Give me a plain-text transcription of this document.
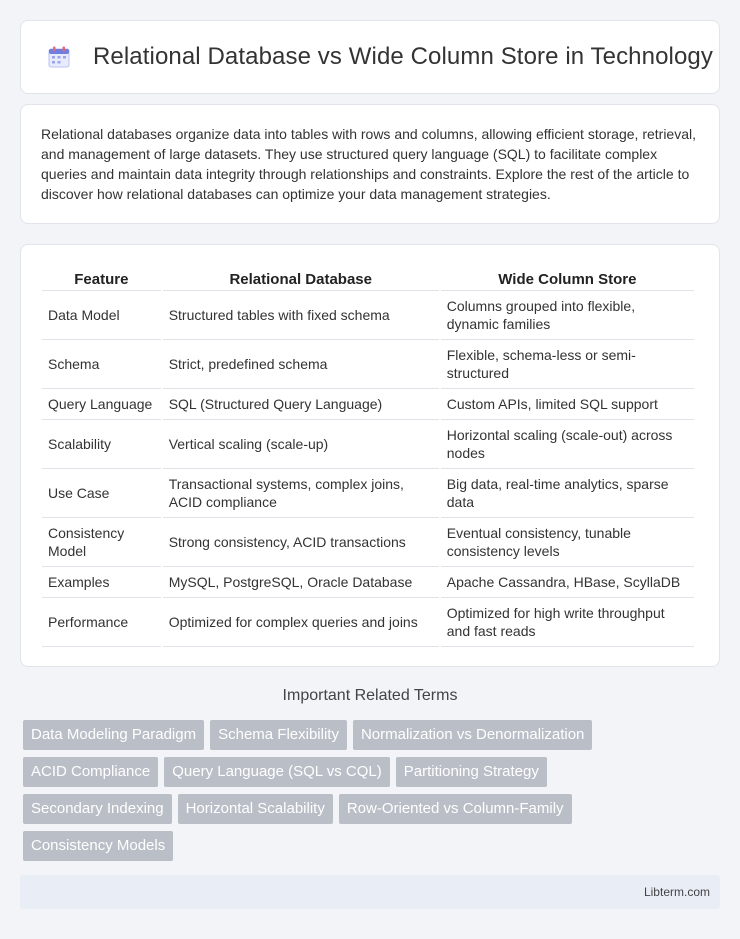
Relational Database vs Wide Column Store in Technology

Relational databases organize data into tables with rows and columns, allowing efficient storage, retrieval, and management of large datasets. They use structured query language (SQL) to facilitate complex queries and maintain data integrity through relationships and constraints. Explore the rest of the article to discover how relational databases can optimize your data management strategies.

Feature	Relational Database	Wide Column Store
Data Model	Structured tables with fixed schema	Columns grouped into flexible, dynamic families
Schema	Strict, predefined schema	Flexible, schema-less or semi-structured
Query Language	SQL (Structured Query Language)	Custom APIs, limited SQL support
Scalability	Vertical scaling (scale-up)	Horizontal scaling (scale-out) across nodes
Use Case	Transactional systems, complex joins, ACID compliance	Big data, real-time analytics, sparse data
Consistency Model	Strong consistency, ACID transactions	Eventual consistency, tunable consistency levels
Examples	MySQL, PostgreSQL, Oracle Database	Apache Cassandra, HBase, ScyllaDB
Performance	Optimized for complex queries and joins	Optimized for high write throughput and fast reads
Important Related Terms
Data Modeling Paradigm	Schema Flexibility	Normalization vs Denormalization
ACID Compliance	Query Language (SQL vs CQL)	Partitioning Strategy
Secondary Indexing	Horizontal Scalability	Row-Oriented vs Column-Family
Consistency Models
Libterm.com
